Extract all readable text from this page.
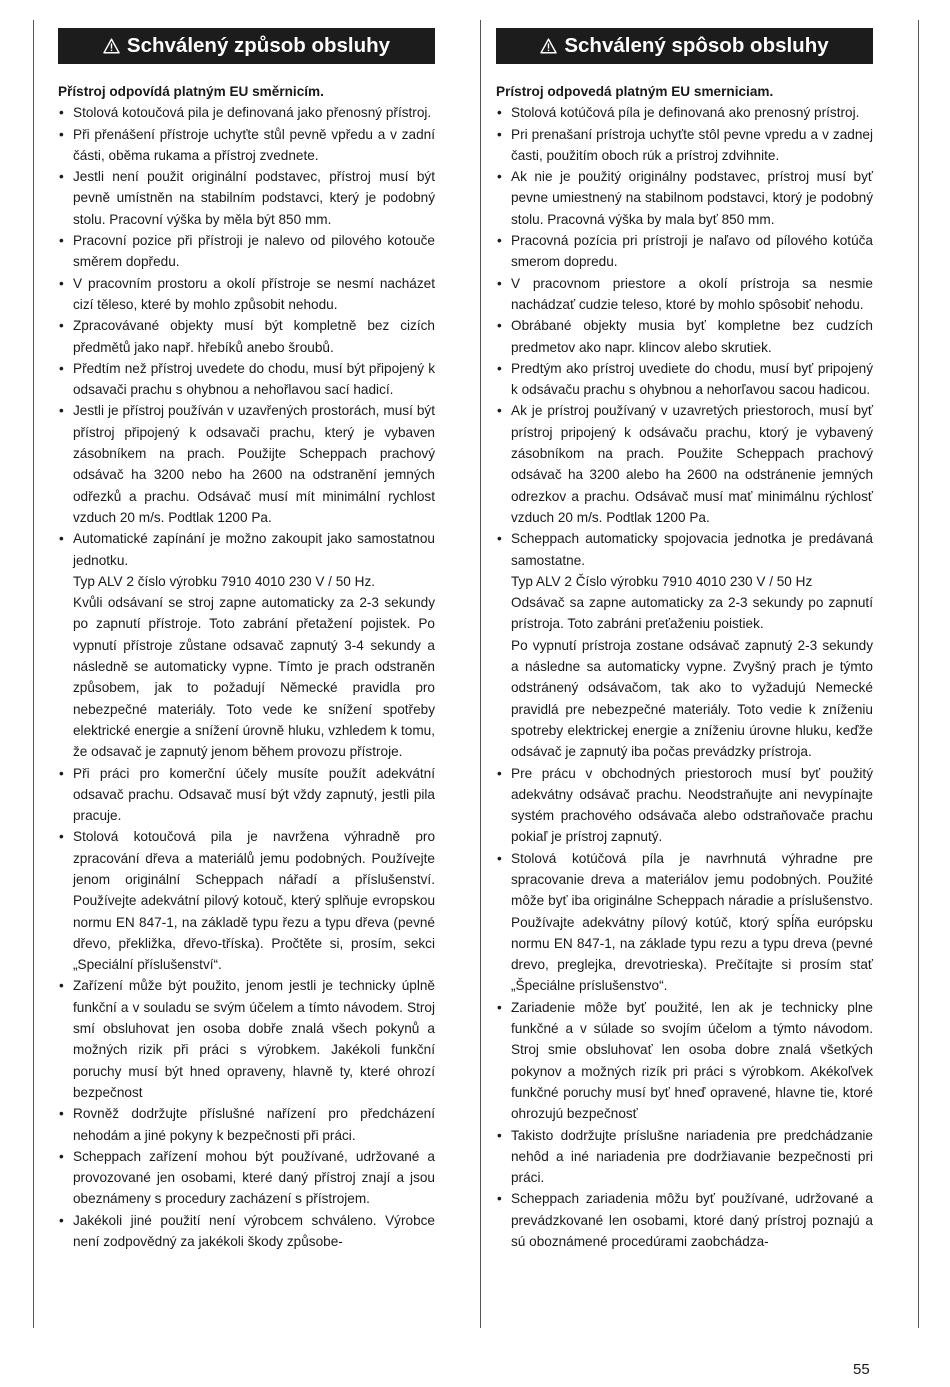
Schválený způsob obsluhy

Přístroj odpovídá platným EU směrnicím.

• Stolová kotoučová pila je definovaná jako přenosný přístroj.
• Při přenášení přístroje uchyťte stůl pevně vpředu a v zadní části, oběma rukama a přístroj zvednete.
• Jestli není použit originální podstavec, přístroj musí být pevně umístněn na stabilním podstavci, který je podobný stolu. Pracovní výška by měla být 850 mm.
• Pracovní pozice při přístroji je nalevo od pilového kotouče směrem dopředu.
• V pracovním prostoru a okolí přístroje se nesmí nacházet cizí těleso, které by mohlo způsobit nehodu.
• Zpracovávané objekty musí být kompletně bez cizích předmětů jako např. hřebíků anebo šroubů.
• Předtím než přístroj uvedete do chodu, musí být připojený k odsavači prachu s ohybnou a nehořlavou sací hadicí.
• Jestli je přístroj používán v uzavřených prostorách, musí být přístroj připojený k odsavači prachu, který je vybaven zásobníkem na prach. Použijte Scheppach prachový odsávač ha 3200 nebo ha 2600 na odstranění jemných odřezků a prachu. Odsávač musí mít minimální rychlost vzduch 20 m/s. Podtlak 1200 Pa.
• Automatické zapínání je možno zakoupit jako samostatnou jednotku.
Typ ALV 2 číslo výrobku 7910 4010 230 V / 50 Hz.
Kvůli odsávaní se stroj zapne automaticky za 2-3 sekundy po zapnutí přístroje. Toto zabrání přetažení pojistek. Po vypnutí přístroje zůstane odsavač zapnutý 3-4 sekundy a následně se automaticky vypne. Tímto je prach odstraněn způsobem, jak to požadují Německé pravidla pro nebezpečné materiály. Toto vede ke snížení spotřeby elektrické energie a snížení úrovně hluku, vzhledem k tomu, že odsavač je zapnutý jenom během provozu přístroje.
• Při práci pro komerční účely musíte použít adekvátní odsavač prachu. Odsavač musí být vždy zapnutý, jestli pila pracuje.
• Stolová kotoučová pila je navržena výhradně pro zpracování dřeva a materiálů jemu podobných. Používejte jenom originální Scheppach nářadí a příslušenství. Používejte adekvátní pilový kotouč, který splňuje evropskou normu EN 847-1, na základě typu řezu a typu dřeva (pevné dřevo, překližka, dřevo-tříska). Pročtěte si, prosím, sekci „Speciální příslušenství“.
• Zařízení může být použito, jenom jestli je technicky úplně funkční a v souladu se svým účelem a tímto návodem. Stroj smí obsluhovat jen osoba dobře znalá všech pokynů a možných rizik při práci s výrobkem. Jakékoli funkční poruchy musí být hned opraveny, hlavně ty, které ohrozí bezpečnost
• Rovněž dodržujte příslušné nařízení pro předcházení nehodám a jiné pokyny k bezpečnosti při práci.
• Scheppach zařízení mohou být používané, udržované a provozované jen osobami, které daný přístroj znají a jsou obeznámeny s procedury zacházení s přístrojem.
• Jakékoli jiné použití není výrobcem schváleno. Výrobce není zodpovědný za jakékoli škody způsobe-
Schválený spôsob obsluhy

Prístroj odpovedá platným EU smerniciam.

• Stolová kotúčová píla je definovaná ako prenosný prístroj.
• Pri prenašaní prístroja uchyťte stôl pevne vpredu a v zadnej časti, použitím oboch rúk a prístroj zdvihnite.
• Ak nie je použitý originálny podstavec, prístroj musí byť pevne umiestnený na stabilnom podstavci, ktorý je podobný stolu. Pracovná výška by mala byť 850 mm.
• Pracovná pozícia pri prístroji je naľavo od pílového kotúča smerom dopredu.
• V pracovnom priestore a okolí prístroja sa nesmie nachádzať cudzie teleso, ktoré by mohlo spôsobiť nehodu.
• Obrábané objekty musia byť kompletne bez cudzích predmetov ako napr. klincov alebo skrutiek.
• Predtým ako prístroj uvediete do chodu, musí byť pripojený k odsávaču prachu s ohybnou a nehorľavou sacou hadicou.
• Ak je prístroj používaný v uzavretých priestoroch, musí byť prístroj pripojený k odsávaču prachu, ktorý je vybavený zásobníkom na prach. Použite Scheppach prachový odsávač ha 3200 alebo ha 2600 na odstránenie jemných odrezkov a prachu. Odsávač musí mať minimálnu rýchlosť vzduch 20 m/s. Podtlak 1200 Pa.
• Scheppach automaticky spojovacia jednotka je predávaná samostatne.
Typ ALV 2 Číslo výrobku 7910 4010 230 V / 50 Hz
Odsávač sa zapne automaticky za 2-3 sekundy po zapnutí prístroja. Toto zabráni preťaženiu poistiek.
Po vypnutí prístroja zostane odsávač zapnutý 2-3 sekundy a následne sa automaticky vypne. Zvyšný prach je týmto odstránený odsávačom, tak ako to vyžadujú Nemecké pravidlá pre nebezpečné materiály. Toto vedie k zníženiu spotreby elektrickej energie a zníženiu úrovne hluku, keďže odsávač je zapnutý iba počas prevádzky prístroja.
• Pre prácu v obchodných priestoroch musí byť použitý adekvátny odsávač prachu. Neodstraňujte ani nevypínajte systém prachového odsávača alebo odstraňovače prachu pokiaľ je prístroj zapnutý.
• Stolová kotúčová píla je navrhnutá výhradne pre spracovanie dreva a materiálov jemu podobných. Použité môže byť iba originálne Scheppach náradie a príslušenstvo. Používajte adekvátny pílový kotúč, ktorý spĺňa európsku normu EN 847-1, na základe typu rezu a typu dreva (pevné drevo, preglejka, drevotrieska). Prečítajte si prosím stať „Špeciálne príslušenstvo“.
• Zariadenie môže byť použité, len ak je technicky plne funkčné a v súlade so svojím účelom a týmto návodom. Stroj smie obsluhovať len osoba dobre znalá všetkých pokynov a možných rizík pri práci s výrobkom. Akékoľvek funkčné poruchy musí byť hneď opravené, hlavne tie, ktoré ohrozujú bezpečnosť
• Takisto dodržujte príslušne nariadenia pre predchádzanie nehôd a iné nariadenia pre dodržiavanie bezpečnosti pri práci.
• Scheppach zariadenia môžu byť používané, udržované a prevádzkované len osobami, ktoré daný prístroj poznajú a sú oboznámené procedúrami zaobchádza-
55
